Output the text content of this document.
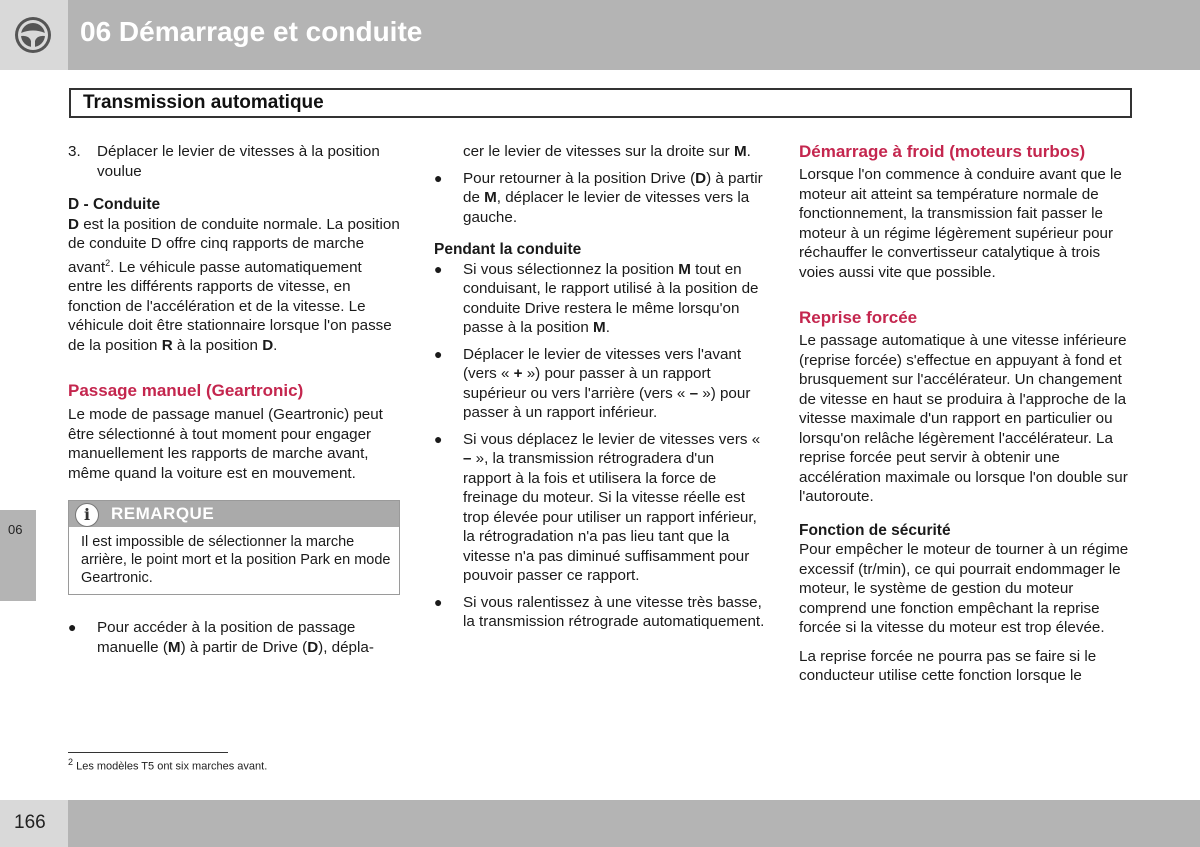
06 Démarrage et conduite
Transmission automatique
3. Déplacer le levier de vitesses à la position voulue

D - Conduite

D est la position de conduite normale. La position de conduite D offre cinq rapports de marche avant$^2$. Le véhicule passe automatiquement entre les différents rapports de vitesse, en fonction de l'accélération et de la vitesse. Le véhicule doit être stationnaire lorsque l'on passe de la position R à la position D.

Passage manuel (Geartronic)

Le mode de passage manuel (Geartronic) peut être sélectionné à tout moment pour engager manuellement les rapports de marche avant, même quand la voiture est en mouvement.

i	REMARQUE
Il est impossible de sélectionner la marche arrière, le point mort et la position Park en mode Geartronic.
● Pour accéder à la position de passage manuelle (M) à partir de Drive (D), dépla-
cer le levier de vitesses sur la droite sur M.
● Pour retourner à la position Drive (D) à partir de M, déplacer le levier de vitesses vers la gauche.

Pendant la conduite

● Si vous sélectionnez la position M tout en conduisant, le rapport utilisé à la position de conduite Drive restera le même lorsqu'on passe à la position M.
● Déplacer le levier de vitesses vers l'avant (vers « + ») pour passer à un rapport supérieur ou vers l'arrière (vers « – ») pour passer à un rapport inférieur.
● Si vous déplacez le levier de vitesses vers « – », la transmission rétrogradera d'un rapport à la fois et utilisera la force de freinage du moteur. Si la vitesse réelle est trop élevée pour utiliser un rapport inférieur, la rétrogradation n'a pas lieu tant que la vitesse n'a pas diminué suffisamment pour pouvoir passer ce rapport.
● Si vous ralentissez à une vitesse très basse, la transmission rétrograde automatiquement.

Démarrage à froid (moteurs turbos)

Lorsque l'on commence à conduire avant que le moteur ait atteint sa température normale de fonctionnement, la transmission fait passer le moteur à un régime légèrement supérieur pour réchauffer le convertisseur catalytique à trois voies aussi vite que possible.

Reprise forcée

Le passage automatique à une vitesse inférieure (reprise forcée) s'effectue en appuyant à fond et brusquement sur l'accélérateur. Un changement de vitesse en haut se produira à l'approche de la vitesse maximale d'un rapport en particulier ou lorsqu'on relâche légèrement l'accélérateur. La reprise forcée peut servir à obtenir une accélération maximale ou lorsque l'on double sur l'autoroute.

Fonction de sécurité

Pour empêcher le moteur de tourner à un régime excessif (tr/min), ce qui pourrait endommager le moteur, le système de gestion du moteur comprend une fonction empêchant la reprise forcée si la vitesse du moteur est trop élevée.

La reprise forcée ne pourra pas se faire si le conducteur utilise cette fonction lorsque le

06
$^2$ Les modèles T5 ont six marches avant.
166
